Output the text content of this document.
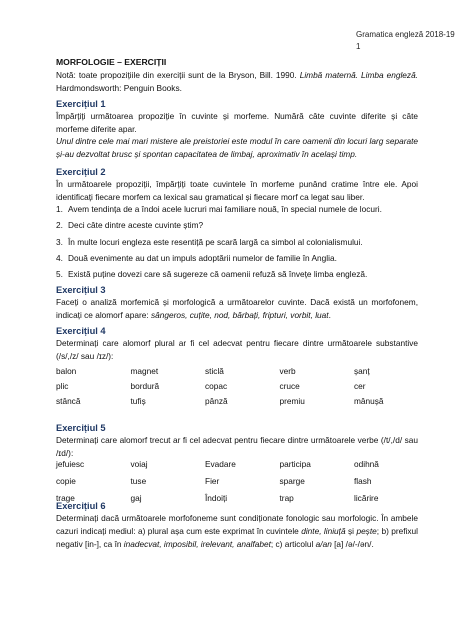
Gramatica engleză 2018-19
1
MORFOLOGIE – EXERCIȚII
Notă: toate propozițiile din exerciții sunt de la Bryson, Bill. 1990. Limbă maternă. Limba engleză. Hardmondsworth: Penguin Books.
Exercițiul 1
Împărțiți următoarea propoziție în cuvinte și morfeme. Numără câte cuvinte diferite și câte morfeme diferite apar.
Unul dintre cele mai mari mistere ale preistoriei este modul în care oamenii din locuri larg separate și-au dezvoltat brusc și spontan capacitatea de limbaj, aproximativ în același timp.
Exercițiul 2
În următoarele propoziții, împărțiți toate cuvintele în morfeme punând cratime între ele. Apoi identificați fiecare morfem ca lexical sau gramatical și fiecare morf ca legat sau liber.
1. Avem tendința de a îndoi acele lucruri mai familiare nouă, în special numele de locuri.
2. Deci câte dintre aceste cuvinte știm?
3. În multe locuri engleza este resentiță pe scară largă ca simbol al colonialismului.
4. Două evenimente au dat un impuls adoptării numelor de familie în Anglia.
5. Există puține dovezi care să sugereze că oamenii refuză să învețe limba engleză.
Exercițiul 3
Faceți o analiză morfemică și morfologică a următoarelor cuvinte. Dacă există un morfofonem, indicați ce alomorf apare: sângeros, cuțite, nod, bărbați, fripturi, vorbit, luat.
Exercițiul 4
Determinați care alomorf plural ar fi cel adecvat pentru fiecare dintre următoarele substantive (/s/,/z/ sau /ɪz/):
balon	magnet	sticlă	verb	șanț
plic	bordură	copac	cruce	cer
stâncă	tufiș	pânză	premiu	mânușă
Exercițiul 5
Determinați care alomorf trecut ar fi cel adecvat pentru fiecare dintre următoarele verbe (/t/,/d/ sau /ɪd/):
jefuiesc	voiaj	Evadare	participa	odihnă
copie	tuse	Fier	sparge	flash
trage	gaj	Îndoiți	trap	licărire
Exercițiul 6
Determinați dacă următoarele morfofoneme sunt condiționate fonologic sau morfologic. În ambele cazuri indicați mediul: a) plural așa cum este exprimat în cuvintele dinte, liniuță și pește; b) prefixul negativ [in-], ca în inadecvat, imposibil, irelevant, analfabet; c) articolul a/an [a] /ə/-/ən/.
